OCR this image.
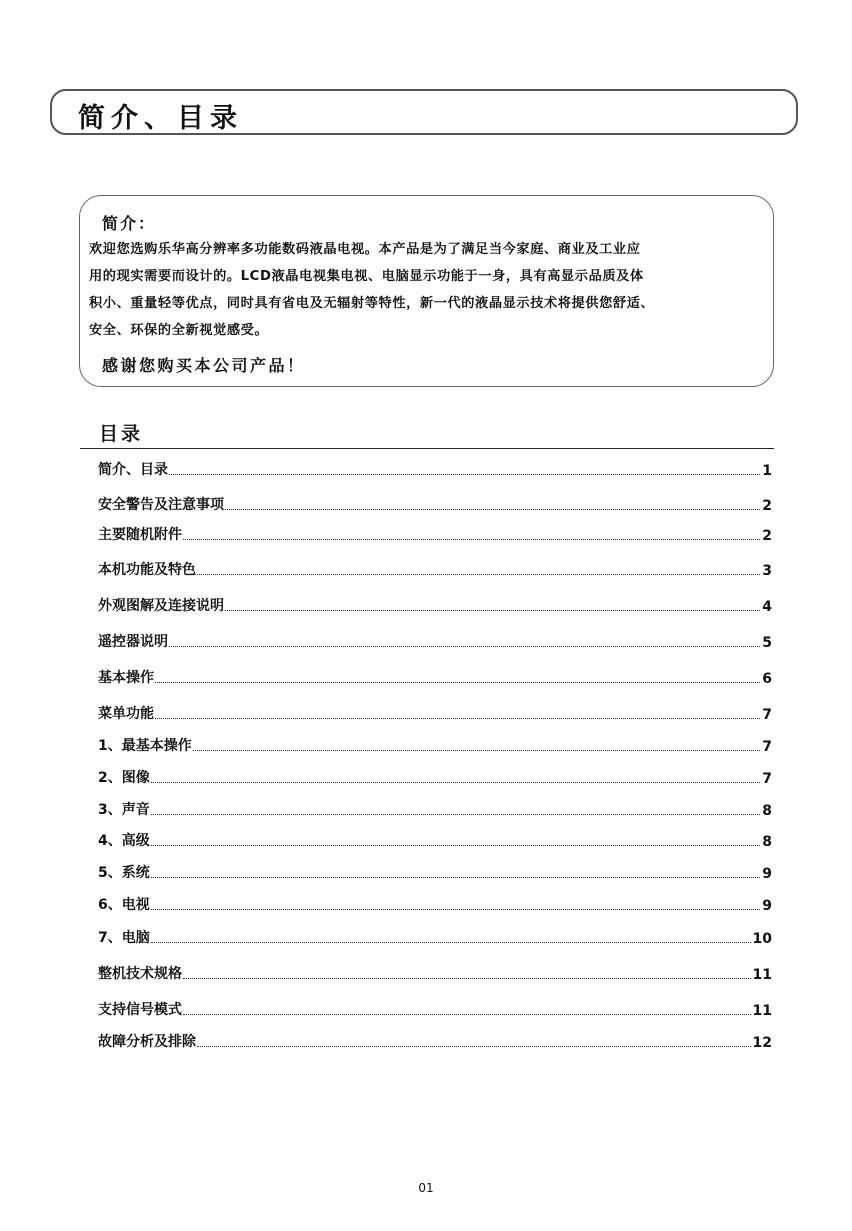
简介、目录
简介：
欢迎您选购乐华高分辨率多功能数码液晶电视。本产品是为了满足当今家庭、商业及工业应
用的现实需要而设计的。LCD液晶电视集电视、电脑显示功能于一身，具有高显示品质及体
积小、重量轻等优点，同时具有省电及无辐射等特性，新一代的液晶显示技术将提供您舒适、
安全、环保的全新视觉感受。
感谢您购买本公司产品！
目录
简介、目录	1
安全警告及注意事项	2
主要随机附件	2
本机功能及特色	3
外观图解及连接说明	4
遥控器说明	5
基本操作	6
菜单功能	7
1、最基本操作	7
2、图像	7
3、声音	8
4、高级	8
5、系统	9
6、电视	9
7、电脑	10
整机技术规格	11
支持信号模式	11
故障分析及排除	12
01
